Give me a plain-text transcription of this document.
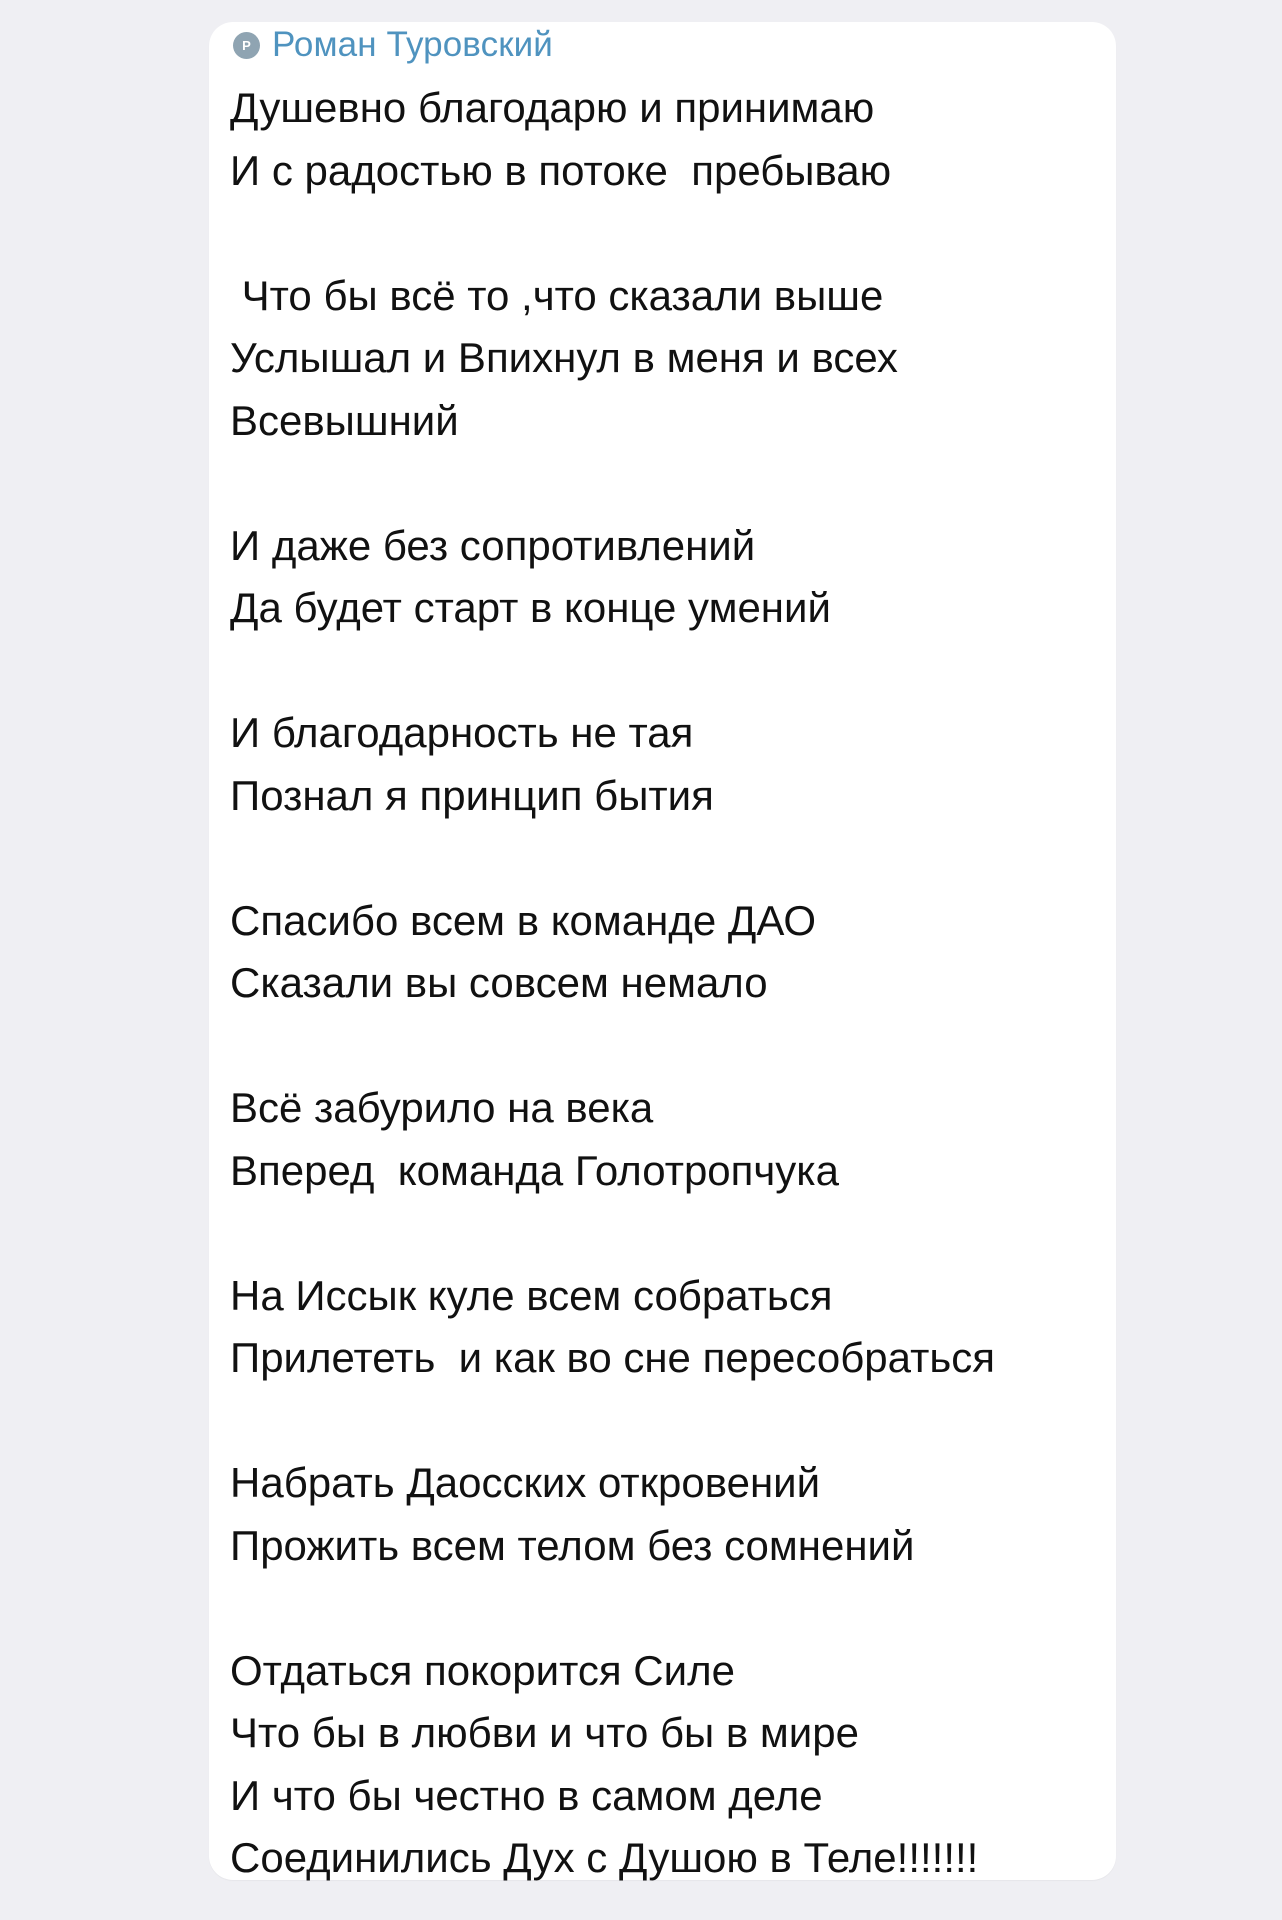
Р Роман Туровский
Душевно благодарю и принимаю
И с радостью в потоке  пребываю
Что бы всё то ,что сказали выше
Услышал и Впихнул в меня и всех
Всевышний
И даже без сопротивлений
Да будет старт в конце умений
И благодарность не тая
Познал я принцип бытия
Спасибо всем в команде ДАО
Сказали вы совсем немало
Всё забурило на века
Вперед  команда Голотропчука
На Иссык куле всем собраться
Прилететь  и как во сне пересобраться
Набрать Даосских откровений
Прожить всем телом без сомнений
Отдаться покорится Силе
Что бы в любви и что бы в мире
И что бы честно в самом деле
Соединились Дух с Душою в Теле!!!!!!!
